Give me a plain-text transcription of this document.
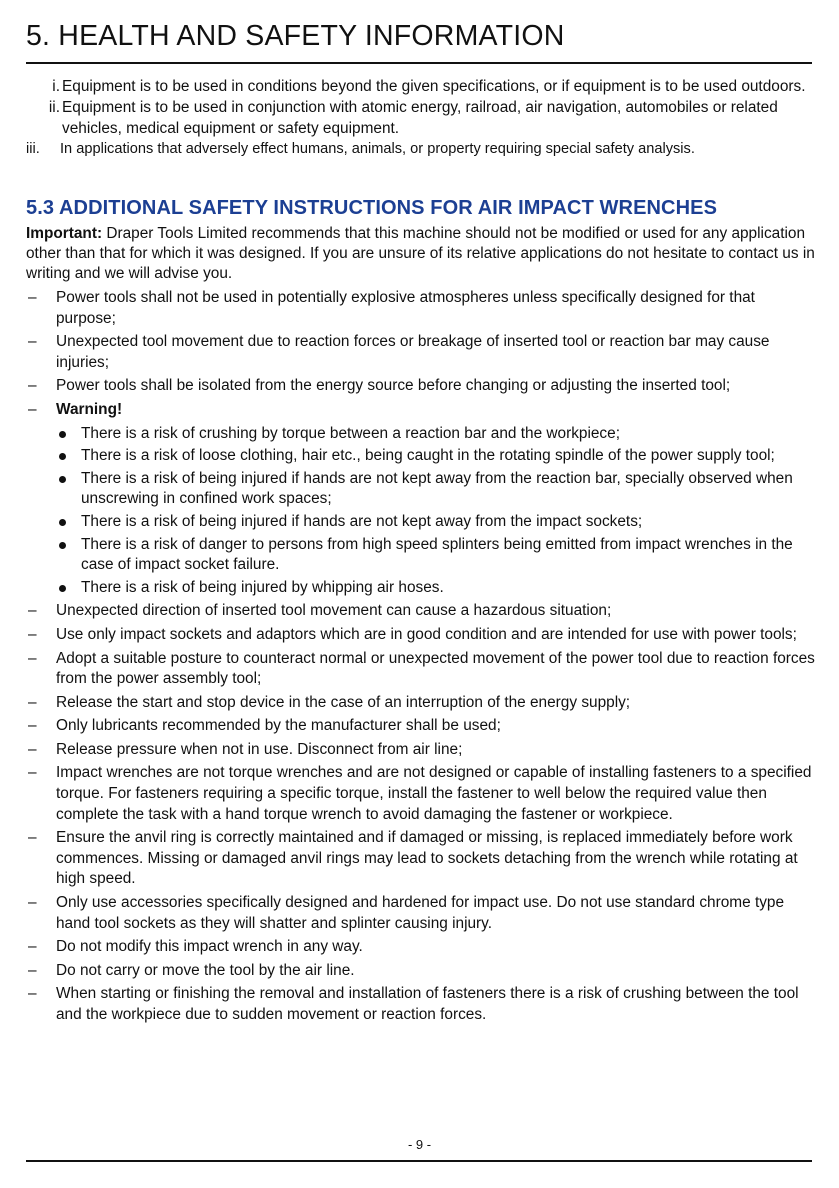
5. HEALTH AND SAFETY INFORMATION
i. Equipment is to be used in conditions beyond the given specifications, or if equipment is to be used outdoors.
ii. Equipment is to be used in conjunction with atomic energy, railroad, air navigation, automobiles or related vehicles, medical equipment or safety equipment.
iii. In applications that adversely effect humans, animals, or property requiring special safety analysis.
5.3 ADDITIONAL SAFETY INSTRUCTIONS FOR AIR IMPACT WRENCHES

Important: Draper Tools Limited recommends that this machine should not be modified or used for any application other than that for which it was designed. If you are unsure of its relative applications do not hesitate to contact us in writing and we will advise you.

– Power tools shall not be used in potentially explosive atmospheres unless specifically designed for that purpose;
– Unexpected tool movement due to reaction forces or breakage of inserted tool or reaction bar may cause injuries;
– Power tools shall be isolated from the energy source before changing or adjusting the inserted tool;
– Warning!
There is a risk of crushing by torque between a reaction bar and the workpiece;
There is a risk of loose clothing, hair etc., being caught in the rotating spindle of the power supply tool;
There is a risk of being injured if hands are not kept away from the reaction bar, specially observed when unscrewing in confined work spaces;
There is a risk of being injured if hands are not kept away from the impact sockets;
There is a risk of danger to persons from high speed splinters being emitted from impact wrenches in the case of impact socket failure.
There is a risk of being injured by whipping air hoses.
– Unexpected direction of inserted tool movement can cause a hazardous situation;
– Use only impact sockets and adaptors which are in good condition and are intended for use with power tools;
– Adopt a suitable posture to counteract normal or unexpected movement of the power tool due to reaction forces from the power assembly tool;
– Release the start and stop device in the case of an interruption of the energy supply;
– Only lubricants recommended by the manufacturer shall be used;
– Release pressure when not in use. Disconnect from air line;
– Impact wrenches are not torque wrenches and are not designed or capable of installing fasteners to a specified torque. For fasteners requiring a specific torque, install the fastener to well below the required value then complete the task with a hand torque wrench to avoid damaging the fastener or workpiece.
– Ensure the anvil ring is correctly maintained and if damaged or missing, is replaced immediately before work commences. Missing or damaged anvil rings may lead to sockets detaching from the wrench while rotating at high speed.
– Only use accessories specifically designed and hardened for impact use. Do not use standard chrome type hand tool sockets as they will shatter and splinter causing injury.
– Do not modify this impact wrench in any way.
– Do not carry or move the tool by the air line.
– When starting or finishing the removal and installation of fasteners there is a risk of crushing between the tool and the workpiece due to sudden movement or reaction forces.
- 9 -
